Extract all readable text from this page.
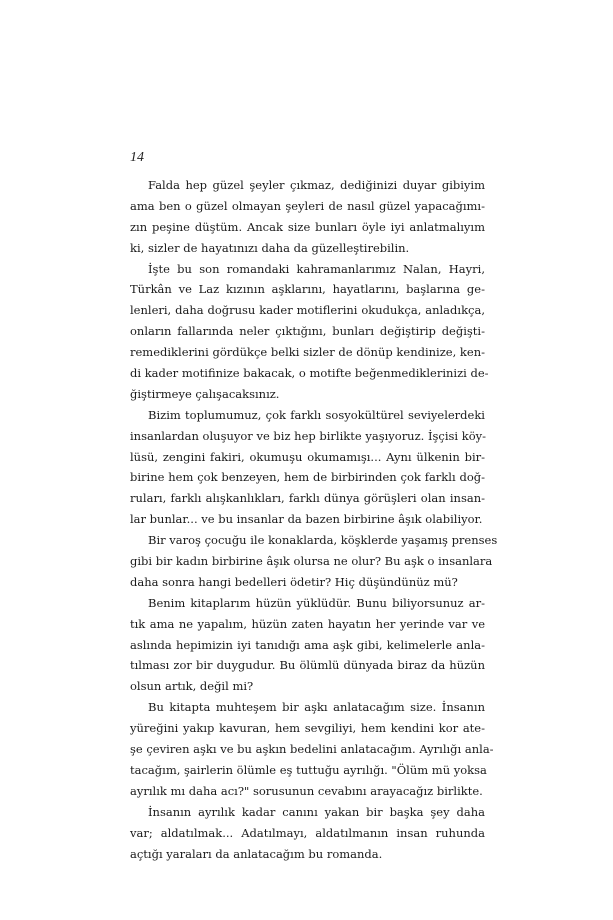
14
Falda hep güzel şeyler çıkmaz, dediğinizi duyar gibiyim
ama ben o güzel olmayan şeyleri de nasıl güzel yapacağımı-
zın peşine düştüm. Ancak size bunları öyle iyi anlatmalıyım
ki, sizler de hayatınızı daha da güzelleştirebilin.
İşte bu son romandaki kahramanlarımız Nalan, Hayri,
Türkân ve Laz kızının aşklarını, hayatlarını, başlarına ge-
lenleri, daha doğrusu kader motiflerini okudukça, anladıkça,
onların fallarında neler çıktığını, bunları değiştirip değişti-
remediklerini gördükçe belki sizler de dönüp kendinize, ken-
di kader motifinize bakacak, o motifte beğenmediklerinizi de-
ğiştirmeye çalışacaksınız.
Bizim toplumumuz, çok farklı sosyokültürel seviyelerdeki
insanlardan oluşuyor ve biz hep birlikte yaşıyoruz. İşçisi köy-
lüsü, zengini fakiri, okumuşu okumamışı... Aynı ülkenin bir-
birine hem çok benzeyen, hem de birbirinden çok farklı doğ-
ruları, farklı alışkanlıkları, farklı dünya görüşleri olan insan-
lar bunlar... ve bu insanlar da bazen birbirine âşık olabiliyor.
Bir varoş çocuğu ile konaklarda, köşklerde yaşamış prenses
gibi bir kadın birbirine âşık olursa ne olur? Bu aşk o insanlara
daha sonra hangi bedelleri ödetir? Hiç düşündünüz mü?
Benim kitaplarım hüzün yüklüdür. Bunu biliyorsunuz ar-
tık ama ne yapalım, hüzün zaten hayatın her yerinde var ve
aslında hepimizin iyi tanıdığı ama aşk gibi, kelimelerle anla-
tılması zor bir duygudur. Bu ölümlü dünyada biraz da hüzün
olsun artık, değil mi?
Bu kitapta muhteşem bir aşkı anlatacağım size. İnsanın
yüreğini yakıp kavuran, hem sevgiliyi, hem kendini kor ate-
şe çeviren aşkı ve bu aşkın bedelini anlatacağım. Ayrılığı anla-
tacağım, şairlerin ölümle eş tuttuğu ayrılığı. "Ölüm mü yoksa
ayrılık mı daha acı?" sorusunun cevabını arayacağız birlikte.
İnsanın ayrılık kadar canını yakan bir başka şey daha
var; aldatılmak... Adatılmayı, aldatılmanın insan ruhunda
açtığı yaraları da anlatacağım bu romanda.
